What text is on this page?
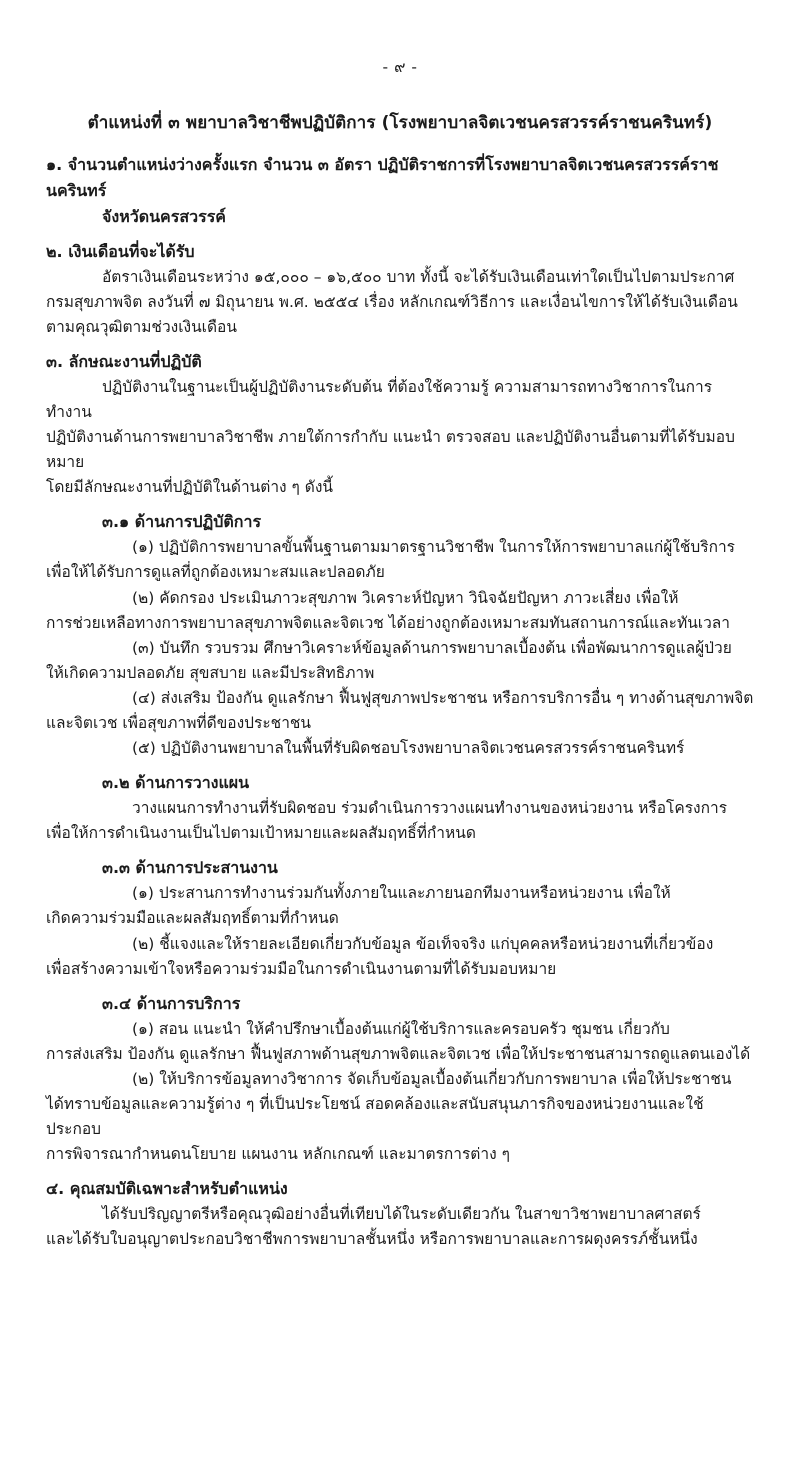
- ๙ -
ตำแหน่งที่ ๓ พยาบาลวิชาชีพปฏิบัติการ (โรงพยาบาลจิตเวชนครสวรรค์ราชนครินทร์)

๑. จำนวนตำแหน่งว่างครั้งแรก จำนวน ๓ อัตรา ปฏิบัติราชการที่โรงพยาบาลจิตเวชนครสวรรค์ราชนครินทร์

จังหวัดนครสวรรค์

๒. เงินเดือนที่จะได้รับ

อัตราเงินเดือนระหว่าง ๑๕,๐๐๐ – ๑๖,๕๐๐ บาท ทั้งนี้ จะได้รับเงินเดือนเท่าใดเป็นไปตามประกาศ

กรมสุขภาพจิต ลงวันที่ ๗ มิถุนายน พ.ศ. ๒๕๕๔ เรื่อง หลักเกณฑ์วิธีการ และเงื่อนไขการให้ได้รับเงินเดือน

ตามคุณวุฒิตามช่วงเงินเดือน

๓. ลักษณะงานที่ปฏิบัติ

ปฏิบัติงานในฐานะเป็นผู้ปฏิบัติงานระดับต้น ที่ต้องใช้ความรู้ ความสามารถทางวิชาการในการทำงาน

ปฏิบัติงานด้านการพยาบาลวิชาชีพ ภายใต้การกำกับ แนะนำ ตรวจสอบ และปฏิบัติงานอื่นตามที่ได้รับมอบหมาย

โดยมีลักษณะงานที่ปฏิบัติในด้านต่าง ๆ ดังนี้

๓.๑ ด้านการปฏิบัติการ

(๑) ปฏิบัติการพยาบาลขั้นพื้นฐานตามมาตรฐานวิชาชีพ ในการให้การพยาบาลแก่ผู้ใช้บริการ

เพื่อให้ได้รับการดูแลที่ถูกต้องเหมาะสมและปลอดภัย

(๒) คัดกรอง ประเมินภาวะสุขภาพ วิเคราะห์ปัญหา วินิจฉัยปัญหา ภาวะเสี่ยง เพื่อให้

การช่วยเหลือทางการพยาบาลสุขภาพจิตและจิตเวช ได้อย่างถูกต้องเหมาะสมทันสถานการณ์และทันเวลา

(๓) บันทึก รวบรวม ศึกษาวิเคราะห์ข้อมูลด้านการพยาบาลเบื้องต้น เพื่อพัฒนาการดูแลผู้ป่วย

ให้เกิดความปลอดภัย สุขสบาย และมีประสิทธิภาพ

(๔) ส่งเสริม ป้องกัน ดูแลรักษา ฟื้นฟูสุขภาพประชาชน หรือการบริการอื่น ๆ ทางด้านสุขภาพจิต

และจิตเวช เพื่อสุขภาพที่ดีของประชาชน

(๕) ปฏิบัติงานพยาบาลในพื้นที่รับผิดชอบโรงพยาบาลจิตเวชนครสวรรค์ราชนครินทร์

๓.๒ ด้านการวางแผน

วางแผนการทำงานที่รับผิดชอบ ร่วมดำเนินการวางแผนทำงานของหน่วยงาน หรือโครงการ

เพื่อให้การดำเนินงานเป็นไปตามเป้าหมายและผลสัมฤทธิ์ที่กำหนด

๓.๓ ด้านการประสานงาน

(๑) ประสานการทำงานร่วมกันทั้งภายในและภายนอกทีมงานหรือหน่วยงาน เพื่อให้

เกิดความร่วมมือและผลสัมฤทธิ์ตามที่กำหนด

(๒) ชี้แจงและให้รายละเอียดเกี่ยวกับข้อมูล ข้อเท็จจริง แก่บุคคลหรือหน่วยงานที่เกี่ยวข้อง

เพื่อสร้างความเข้าใจหรือความร่วมมือในการดำเนินงานตามที่ได้รับมอบหมาย

๓.๔ ด้านการบริการ

(๑) สอน แนะนำ ให้คำปรึกษาเบื้องต้นแก่ผู้ใช้บริการและครอบครัว ชุมชน เกี่ยวกับ

การส่งเสริม ป้องกัน ดูแลรักษา ฟื้นฟูสภาพด้านสุขภาพจิตและจิตเวช เพื่อให้ประชาชนสามารถดูแลตนเองได้

(๒) ให้บริการข้อมูลทางวิชาการ จัดเก็บข้อมูลเบื้องต้นเกี่ยวกับการพยาบาล เพื่อให้ประชาชน

ได้ทราบข้อมูลและความรู้ต่าง ๆ ที่เป็นประโยชน์ สอดคล้องและสนับสนุนภารกิจของหน่วยงานและใช้ประกอบ

การพิจารณากำหนดนโยบาย แผนงาน หลักเกณฑ์ และมาตรการต่าง ๆ

๔. คุณสมบัติเฉพาะสำหรับตำแหน่ง

ได้รับปริญญาตรีหรือคุณวุฒิอย่างอื่นที่เทียบได้ในระดับเดียวกัน ในสาขาวิชาพยาบาลศาสตร์

และได้รับใบอนุญาตประกอบวิชาชีพการพยาบาลชั้นหนึ่ง หรือการพยาบาลและการผดุงครรภ์ชั้นหนึ่ง
